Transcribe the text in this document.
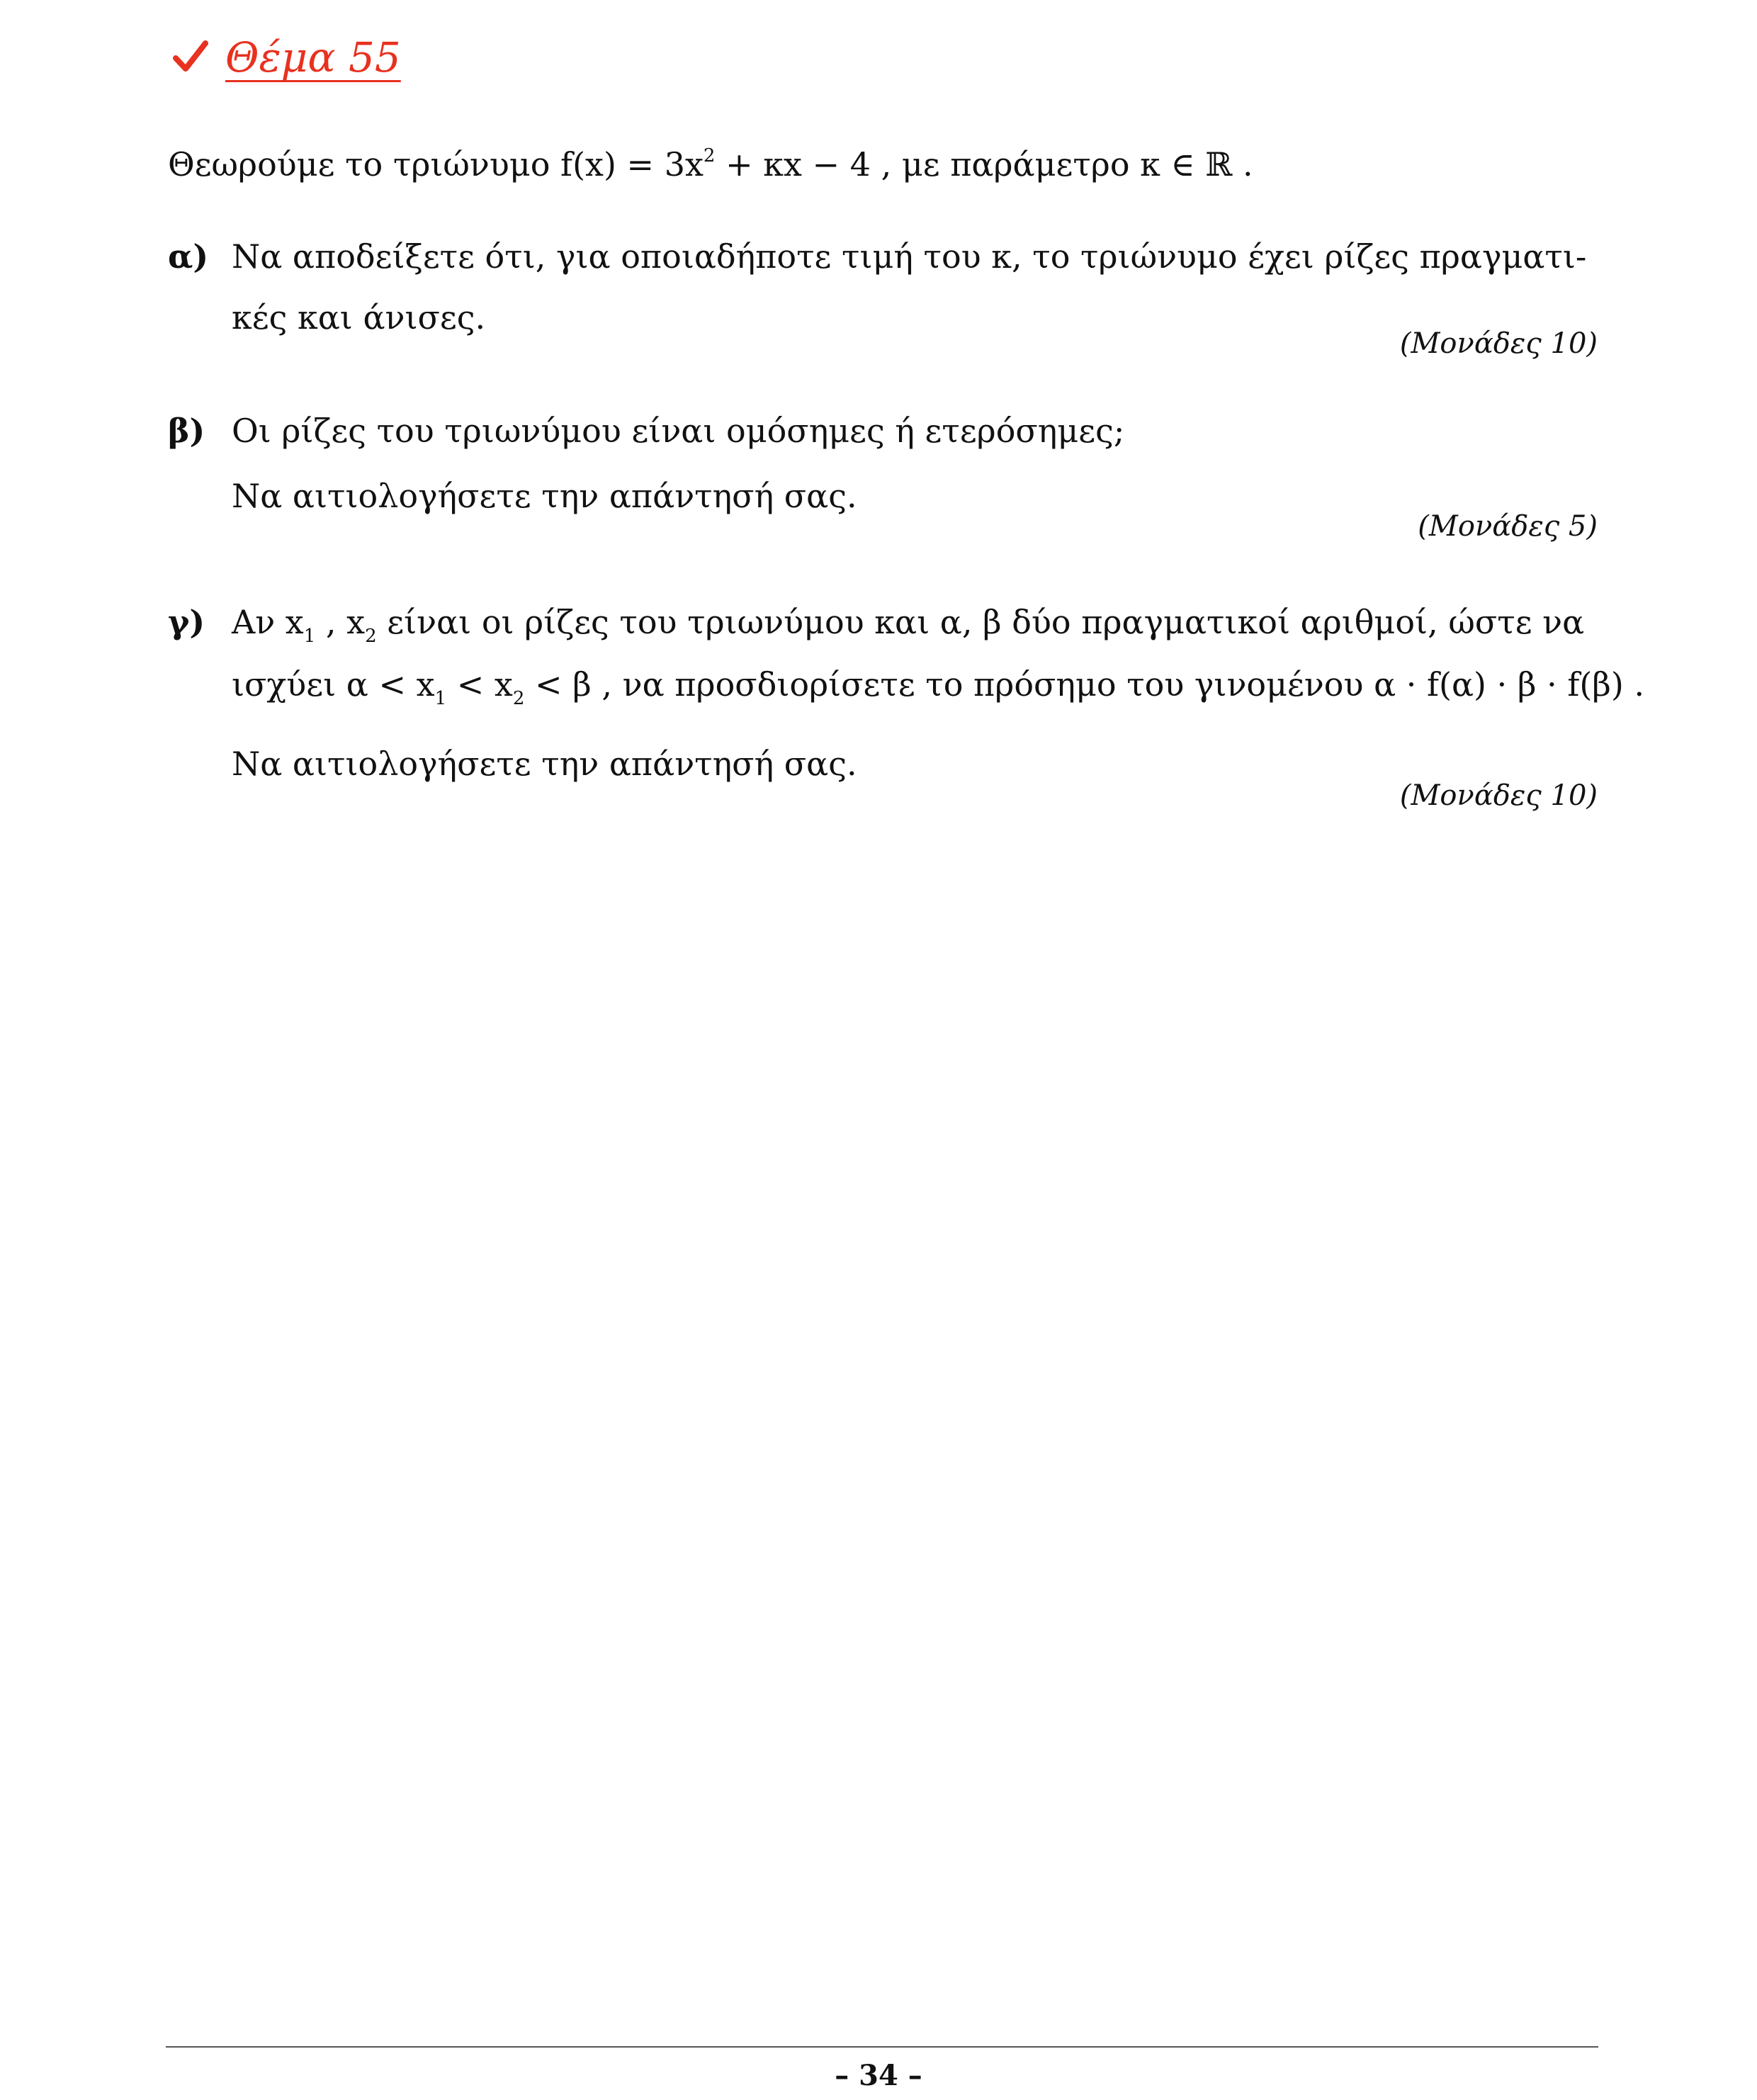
Θέμα 55
Θεωρούμε το τριώνυμο $f(x) = 3x^2 + \kappa x - 4$ , με παράμετρο κ ∈ ℝ .
α) Να αποδείξετε ότι, για οποιαδήποτε τιμή του κ, το τριώνυμο έχει ρίζες πραγματι-
κές και άνισες.
(Μονάδες 10)
β) Οι ρίζες του τριωνύμου είναι ομόσημες ή ετερόσημες;
Να αιτιολογήσετε την απάντησή σας.
(Μονάδες 5)
γ) Αν $x_1$ , $x_2$ είναι οι ρίζες του τριωνύμου και α, β δύο πραγματικοί αριθμοί, ώστε να
ισχύει $\alpha < x_1 < x_2 < \beta$ , να προσδιορίσετε το πρόσημο του γινομένου α · f(α) · β · f(β) .
Να αιτιολογήσετε την απάντησή σας.
(Μονάδες 10)
– 34 –
